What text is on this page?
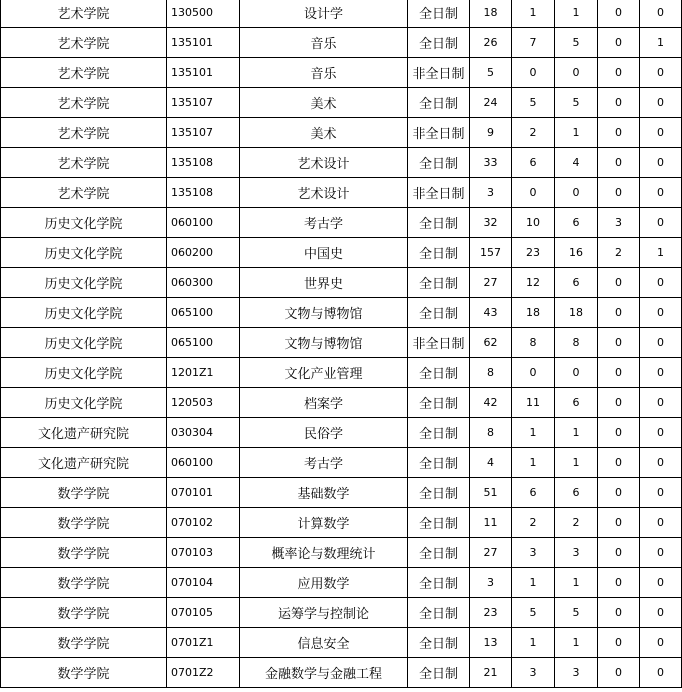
艺术学院	130500	设计学	全日制	18	1	1	0	0
艺术学院	135101	音乐	全日制	26	7	5	0	1
艺术学院	135101	音乐	非全日制	5	0	0	0	0
艺术学院	135107	美术	全日制	24	5	5	0	0
艺术学院	135107	美术	非全日制	9	2	1	0	0
艺术学院	135108	艺术设计	全日制	33	6	4	0	0
艺术学院	135108	艺术设计	非全日制	3	0	0	0	0
历史文化学院	060100	考古学	全日制	32	10	6	3	0
历史文化学院	060200	中国史	全日制	157	23	16	2	1
历史文化学院	060300	世界史	全日制	27	12	6	0	0
历史文化学院	065100	文物与博物馆	全日制	43	18	18	0	0
历史文化学院	065100	文物与博物馆	非全日制	62	8	8	0	0
历史文化学院	1201Z1	文化产业管理	全日制	8	0	0	0	0
历史文化学院	120503	档案学	全日制	42	11	6	0	0
文化遗产研究院	030304	民俗学	全日制	8	1	1	0	0
文化遗产研究院	060100	考古学	全日制	4	1	1	0	0
数学学院	070101	基础数学	全日制	51	6	6	0	0
数学学院	070102	计算数学	全日制	11	2	2	0	0
数学学院	070103	概率论与数理统计	全日制	27	3	3	0	0
数学学院	070104	应用数学	全日制	3	1	1	0	0
数学学院	070105	运筹学与控制论	全日制	23	5	5	0	0
数学学院	0701Z1	信息安全	全日制	13	1	1	0	0
数学学院	0701Z2	金融数学与金融工程	全日制	21	3	3	0	0
